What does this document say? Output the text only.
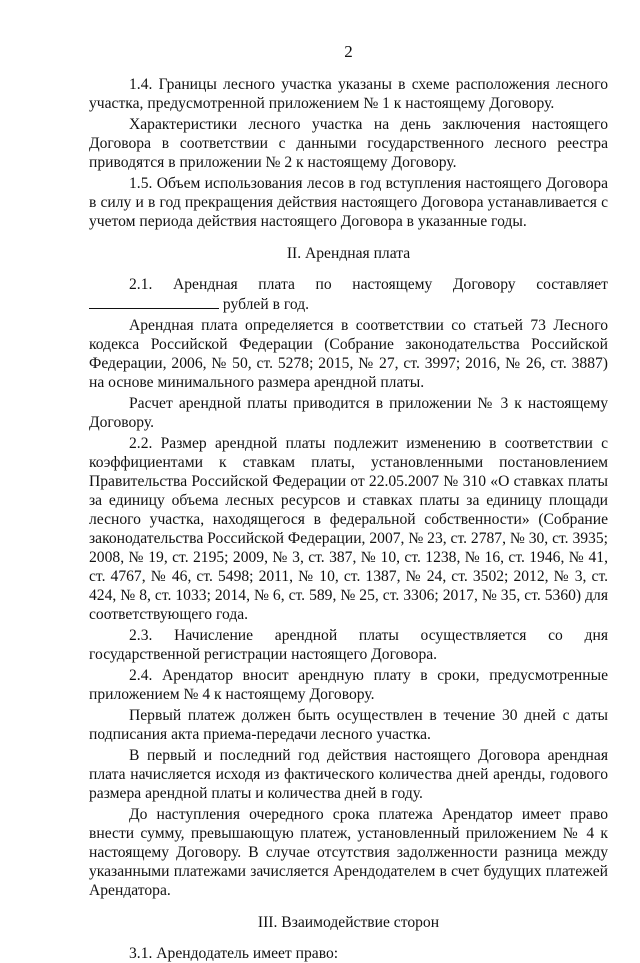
2

1.4. Границы лесного участка указаны в схеме расположения лесного участка, предусмотренной приложением № 1 к настоящему Договору.

Характеристики лесного участка на день заключения настоящего Договора в соответствии с данными государственного лесного реестра приводятся в приложении № 2 к настоящему Договору.

1.5. Объем использования лесов в год вступления настоящего Договора в силу и в год прекращения действия настоящего Договора устанавливается с учетом периода действия настоящего Договора в указанные годы.

II. Арендная плата

2.1. Арендная плата по настоящему Договору составляет

рублей в год.

Арендная плата определяется в соответствии со статьей 73 Лесного кодекса Российской Федерации (Собрание законодательства Российской Федерации, 2006, № 50, ст. 5278; 2015, № 27, ст. 3997; 2016, № 26, ст. 3887) на основе минимального размера арендной платы.

Расчет арендной платы приводится в приложении № 3 к настоящему Договору.

2.2. Размер арендной платы подлежит изменению в соответствии с коэффициентами к ставкам платы, установленными постановлением Правительства Российской Федерации от 22.05.2007 № 310 «О ставках платы за единицу объема лесных ресурсов и ставках платы за единицу площади лесного участка, находящегося в федеральной собственности» (Собрание законодательства Российской Федерации, 2007, № 23, ст. 2787, № 30, ст. 3935; 2008, № 19, ст. 2195; 2009, № 3, ст. 387, № 10, ст. 1238, № 16, ст. 1946, № 41, ст. 4767, № 46, ст. 5498; 2011, № 10, ст. 1387, № 24, ст. 3502; 2012, № 3, ст. 424, № 8, ст. 1033; 2014, № 6, ст. 589, № 25, ст. 3306; 2017, № 35, ст. 5360) для соответствующего года.

2.3. Начисление арендной платы осуществляется со дня государственной регистрации настоящего Договора.

2.4. Арендатор вносит арендную плату в сроки, предусмотренные приложением № 4 к настоящему Договору.

Первый платеж должен быть осуществлен в течение 30 дней с даты подписания акта приема-передачи лесного участка.

В первый и последний год действия настоящего Договора арендная плата начисляется исходя из фактического количества дней аренды, годового размера арендной платы и количества дней в году.

До наступления очередного срока платежа Арендатор имеет право внести сумму, превышающую платеж, установленный приложением № 4 к настоящему Договору. В случае отсутствия задолженности разница между указанными платежами зачисляется Арендодателем в счет будущих платежей Арендатора.

III. Взаимодействие сторон

3.1. Арендодатель имеет право:
